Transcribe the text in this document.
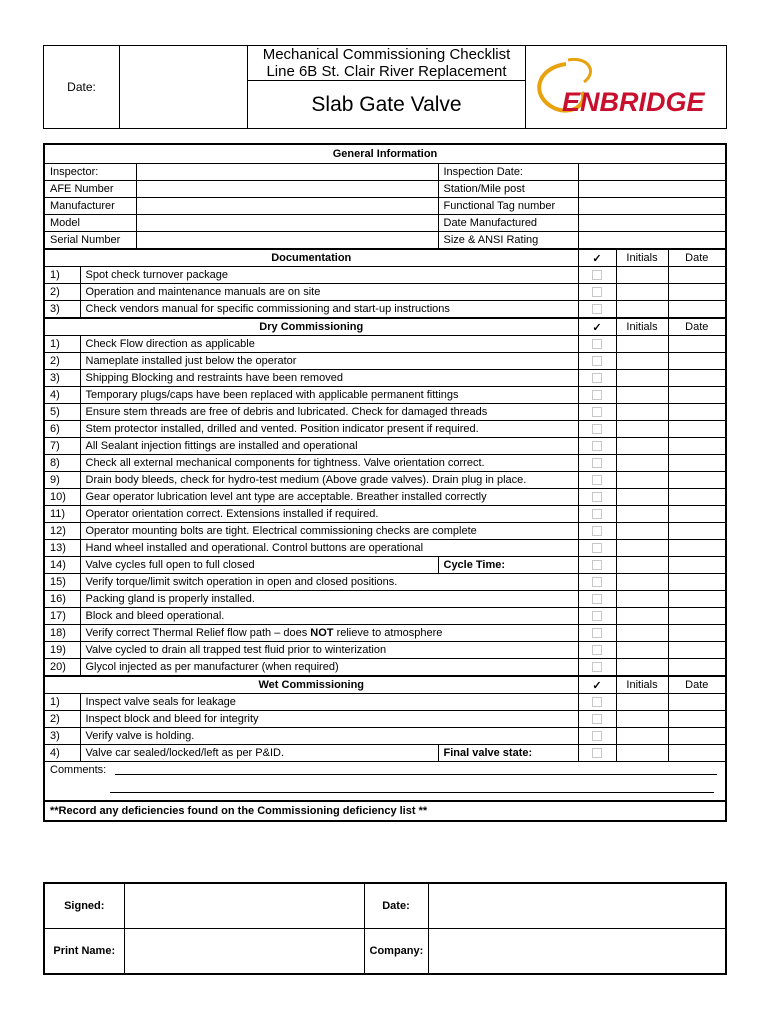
Date:		
Mechanical Commissioning Checklist
Line 6B St. Clair River Replacement

ENBRIDGE

Slab Gate Valve
General Information						
Inspector:			Inspection Date:			
AFE Number			Station/Mile post			
Manufacturer			Functional Tag number			
Model			Date Manufactured			
Serial Number			Size & ANSI Rating			
Documentation				✓	Initials	Date
1)	Spot check turnover package					
2)	Operation and maintenance manuals are on site					
3)	Check vendors manual for specific commissioning and start-up instructions					
Dry Commissioning				✓	Initials	Date
1)	Check Flow direction as applicable					
2)	Nameplate installed just below the operator					
3)	Shipping Blocking and restraints have been removed					
4)	Temporary plugs/caps have been replaced with applicable permanent fittings					
5)	Ensure stem threads are free of debris and lubricated. Check for damaged threads					
6)	Stem protector installed, drilled and vented. Position indicator present if required.					
7)	All Sealant injection fittings are installed and operational					
8)	Check all external mechanical components for tightness. Valve orientation correct.					
9)	Drain body bleeds, check for hydro-test medium (Above grade valves). Drain plug in place.					
10)	Gear operator lubrication level ant type are acceptable. Breather installed correctly					
11)	Operator orientation correct. Extensions installed if required.					
12)	Operator mounting bolts are tight. Electrical commissioning checks are complete					
13)	Hand wheel installed and operational. Control buttons are operational					
14)	Valve cycles full open to full closed		Cycle Time:			
15)	Verify torque/limit switch operation in open and closed positions.					
16)	Packing gland is properly installed.					
17)	Block and bleed operational.					
18)	Verify correct Thermal Relief flow path – does NOT relieve to atmosphere					
19)	Valve cycled to drain all trapped test fluid prior to winterization					
20)	Glycol injected as per manufacturer (when required)					
Wet Commissioning				✓	Initials	Date
1)	Inspect valve seals for leakage					
2)	Inspect block and bleed for integrity					
3)	Verify valve is holding.					
4)	Valve car sealed/locked/left as per P&ID.		Final valve state:			
Comments:						

**Record any deficiencies found on the Commissioning deficiency list **						
Signed:		Date:	
Print Name:		Company:	
